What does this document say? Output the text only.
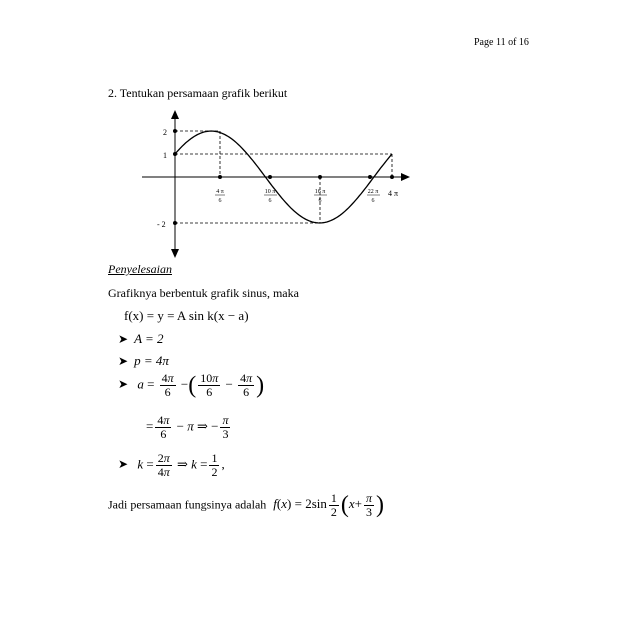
Page 11 of 16
2. Tentukan persamaan grafik berikut
2
1
- 2
4 π
6
10 π
6
16 π
6
22 π
6
4 π
Penyelesaian
Grafiknya berbentuk grafik sinus, maka
f(x) = y = A sin k(x − a)
➤ A = 2
➤ p = 4π
➤ $a = \frac{4\pi}{6}$ −( $\frac{10\pi}{6} - \frac{4\pi}{6}$ )
= $\frac{4\pi}{6} - \pi$ ⇒ − $\frac{\pi}{3}$
➤ $k = \frac{2\pi}{4\pi}$ ⇒ $k = \frac{1}{2}$ ,
Jadi persamaan fungsinya adalah $f(x) = 2\sin \frac{1}{2} (x+ \frac{\pi}{3}$ )
